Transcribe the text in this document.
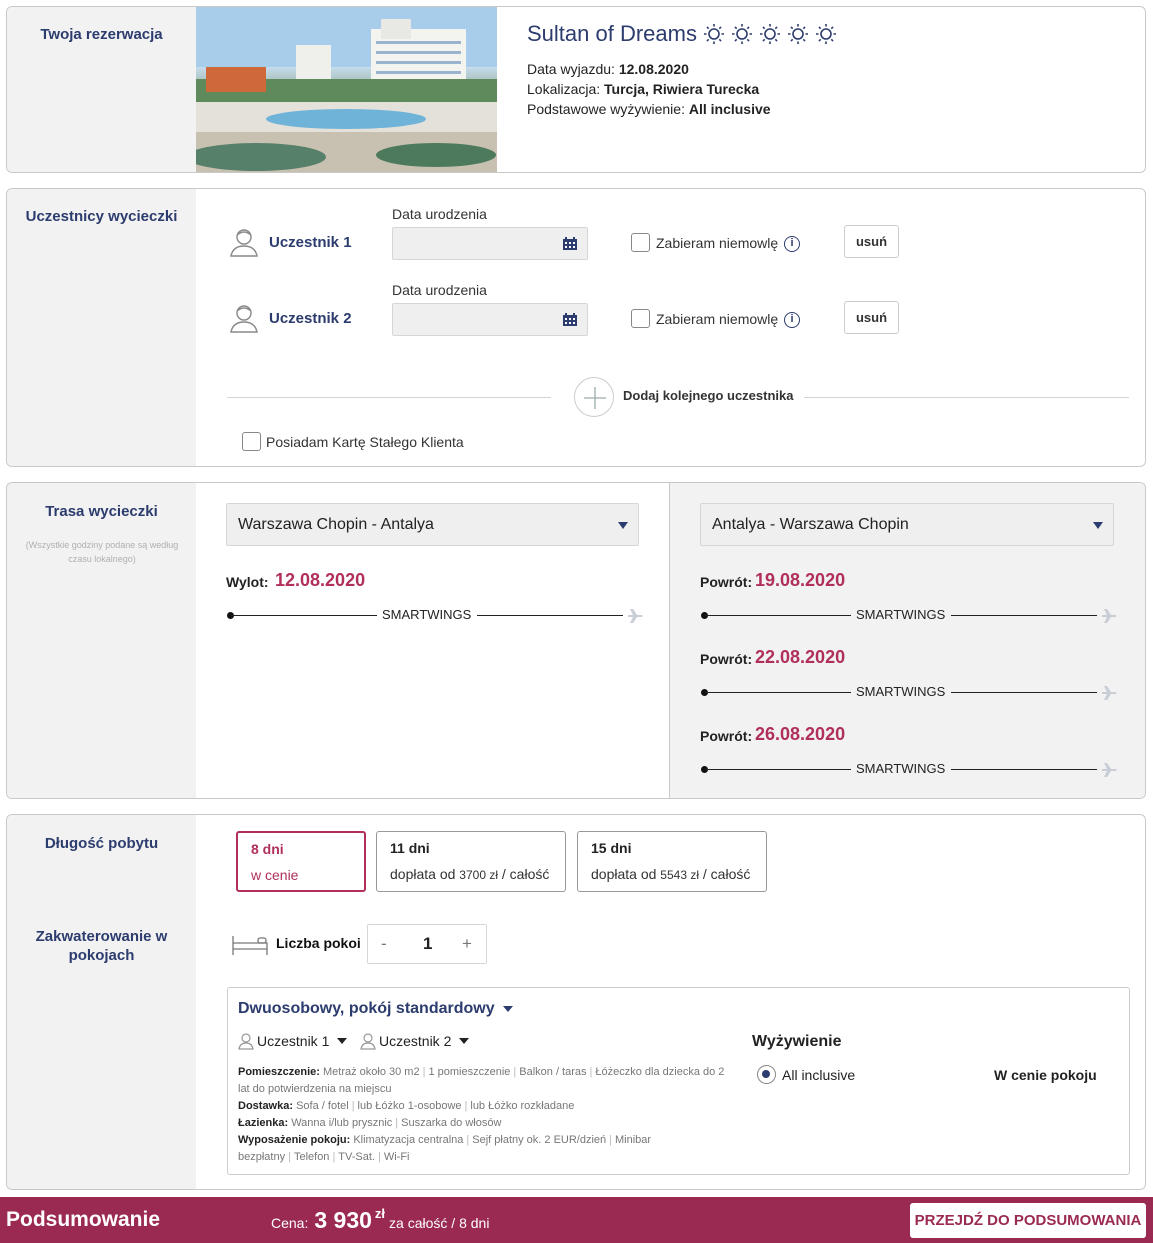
Twoja rezerwacja	Sultan of Dreams
Data wyjazdu: 12.08.2020
Lokalizacja: Turcja, Riwiera Turecka
Podstawowe wyżywienie: All inclusive
Uczestnicy wycieczki
Uczestnik 1
Data urodzenia
Zabieram niemowlę	i	usuń
Uczestnik 2
Data urodzenia
Zabieram niemowlę	i	usuń
Dodaj kolejnego uczestnika
Posiadam Kartę Stałego Klienta
Trasa wycieczki
(Wszystkie godziny podane są według czasu lokalnego)
Warszawa Chopin - Antalya
Wylot: 12.08.2020
SMARTWINGS
Antalya - Warszawa Chopin
Powrót: 19.08.2020
SMARTWINGS
Powrót: 22.08.2020
SMARTWINGS
Powrót: 26.08.2020
SMARTWINGS
Długość pobytu
Zakwaterowanie w pokojach
8 dni
w cenie
11 dni
dopłata od 3700 zł / całość
15 dni
dopłata od 5543 zł / całość
Liczba pokoi - 1 +
Dwuosobowy, pokój standardowy
Uczestnik 1	Uczestnik 2
Pomieszczenie: Metraż około 30 m2 | 1 pomieszczenie | Balkon / taras | Łóżeczko dla dziecka do 2 lat do potwierdzenia na miejscu
Dostawka: Sofa / fotel | lub Łóżko 1-osobowe | lub Łóżko rozkładane
Łazienka: Wanna i/lub prysznic | Suszarka do włosów
Wyposażenie pokoju: Klimatyzacja centralna | Sejf płatny ok. 2 EUR/dzień | Minibar bezpłatny | Telefon | TV-Sat. | Wi-Fi
Wyżywienie
All inclusive	W cenie pokoju
Podsumowanie	Cena: 3 $930^{zł}$
za całość / 8 dni	PRZEJDŹ DO PODSUMOWANIA
